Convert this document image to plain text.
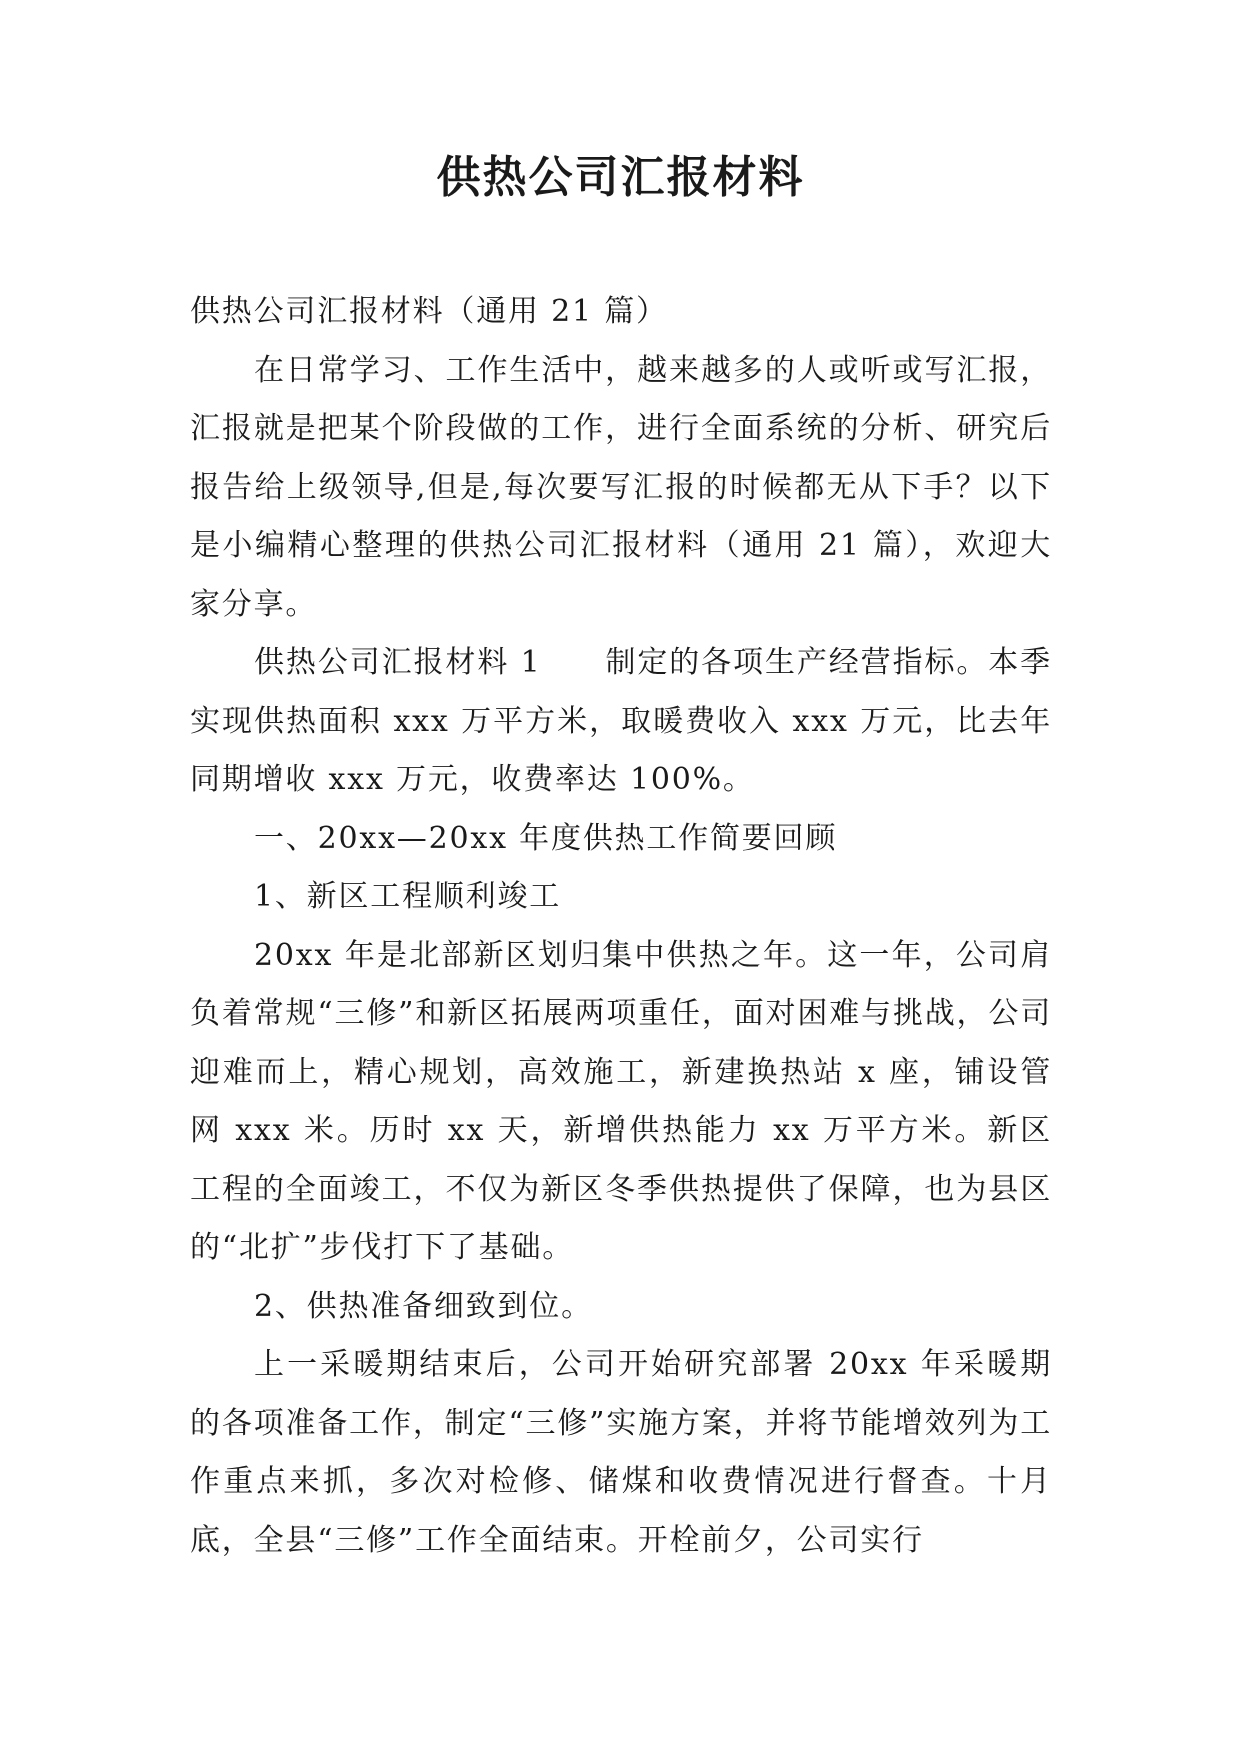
供热公司汇报材料

供热公司汇报材料（通用 21 篇）

在日常学习、工作生活中，越来越多的人或听或写汇报，汇报就是把某个阶段做的工作，进行全面系统的分析、研究后报告给上级领导,但是,每次要写汇报的时候都无从下手？以下是小编精心整理的供热公司汇报材料（通用 21 篇），欢迎大家分享。

供热公司汇报材料 1　　制定的各项生产经营指标。本季实现供热面积 xxx 万平方米，取暖费收入 xxx 万元，比去年同期增收 xxx 万元，收费率达 100%。

一、20xx—20xx 年度供热工作简要回顾

1、新区工程顺利竣工

20xx 年是北部新区划归集中供热之年。这一年，公司肩负着常规“三修”和新区拓展两项重任，面对困难与挑战，公司迎难而上，精心规划，高效施工，新建换热站 x 座，铺设管网 xxx 米。历时 xx 天，新增供热能力 xx 万平方米。新区工程的全面竣工，不仅为新区冬季供热提供了保障，也为县区的“北扩”步伐打下了基础。

2、供热准备细致到位。

上一采暖期结束后，公司开始研究部署 20xx 年采暖期的各项准备工作，制定“三修”实施方案，并将节能增效列为工作重点来抓，多次对检修、储煤和收费情况进行督查。十月底，全县“三修”工作全面结束。开栓前夕，公司实行
